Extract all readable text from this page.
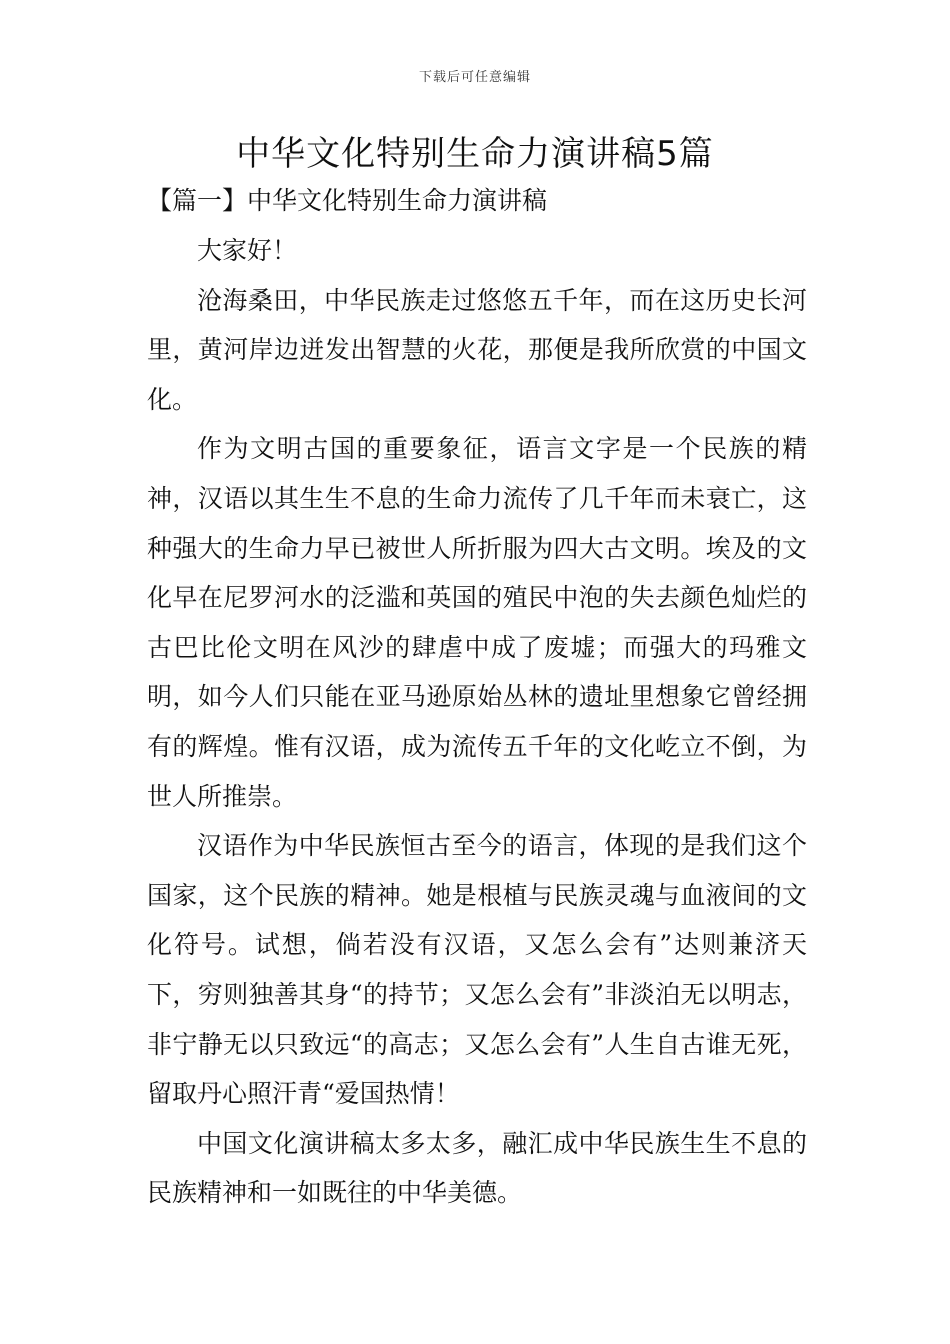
下载后可任意编辑
中华文化特别生命力演讲稿5篇
【篇一】中华文化特别生命力演讲稿

大家好！

沧海桑田，中华民族走过悠悠五千年，而在这历史长河里，黄河岸边迸发出智慧的火花，那便是我所欣赏的中国文化。

作为文明古国的重要象征，语言文字是一个民族的精神，汉语以其生生不息的生命力流传了几千年而未衰亡，这种强大的生命力早已被世人所折服为四大古文明。埃及的文化早在尼罗河水的泛滥和英国的殖民中泡的失去颜色灿烂的古巴比伦文明在风沙的肆虐中成了废墟；而强大的玛雅文明，如今人们只能在亚马逊原始丛林的遗址里想象它曾经拥有的辉煌。惟有汉语，成为流传五千年的文化屹立不倒，为世人所推崇。

汉语作为中华民族恒古至今的语言，体现的是我们这个国家，这个民族的精神。她是根植与民族灵魂与血液间的文化符号。试想，倘若没有汉语，又怎么会有”达则兼济天下，穷则独善其身“的持节；又怎么会有”非淡泊无以明志，非宁静无以只致远“的高志；又怎么会有”人生自古谁无死，留取丹心照汗青“爱国热情！

中国文化演讲稿太多太多，融汇成中华民族生生不息的民族精神和一如既往的中华美德。
